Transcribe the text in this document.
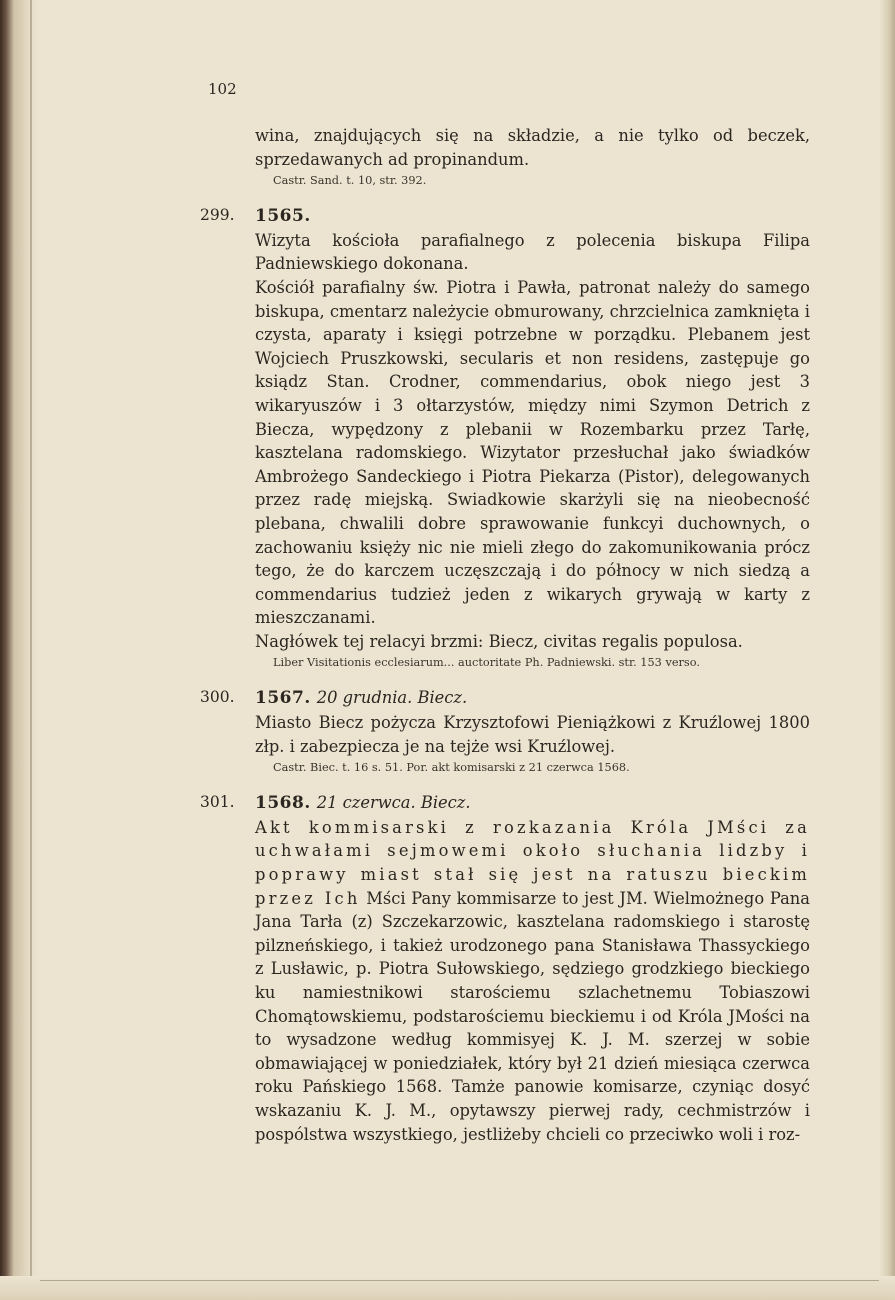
102

wina, znajdujących się na składzie, a nie tylko od beczek, sprzedawanych ad propinandum.

Castr. Sand. t. 10, str. 392.

299. 1565.

Wizyta kościoła parafialnego z polecenia biskupa Filipa Padniewskiego dokonana.

Kościół parafialny św. Piotra i Pawła, patronat należy do samego biskupa, cmentarz należycie obmurowany, chrzcielnica zamknięta i czysta, aparaty i księgi potrzebne w porządku. Plebanem jest Wojciech Pruszkowski, secularis et non residens, zastępuje go ksiądz Stan. Crodner, commendarius, obok niego jest 3 wikaryuszów i 3 ołtarzystów, między nimi Szymon Detrich z Biecza, wypędzony z plebanii w Rozembarku przez Tarłę, kasztelana radomskiego. Wizytator przesłuchał jako świadków Ambrożego Sandeckiego i Piotra Piekarza (Pistor), delegowanych przez radę miejską. Swiadkowie skarżyli się na nieobecność plebana, chwalili dobre sprawowanie funkcyi duchownych, o zachowaniu księży nic nie mieli złego do zakomunikowania prócz tego, że do karczem uczęszczają i do północy w nich siedzą a commendarius tudzież jeden z wikarych grywają w karty z mieszczanami.

Nagłówek tej relacyi brzmi: Biecz, civitas regalis populosa.

Liber Visitationis ecclesiarum... auctoritate Ph. Padniewski. str. 153 verso.

300. 1567. 20 grudnia. Biecz.

Miasto Biecz pożycza Krzysztofowi Pieniążkowi z Kruźlowej 1800 złp. i zabezpiecza je na tejże wsi Kruźlowej.

Castr. Biec. t. 16 s. 51. Por. akt komisarski z 21 czerwca 1568.

301. 1568. 21 czerwca. Biecz.

Akt kommisarski z rozkazania Króla JMści za uchwałami sejmowemi około słuchania lidzby i poprawy miast stał się jest na ratuszu bieckim przez Ich Mści Pany kommisarze to jest JM. Wielmożnego Pana Jana Tarła (z) Szczekarzowic, kasztelana radomskiego i starostę pilzneńskiego, i takież urodzonego pana Stanisława Thassyckiego z Lusławic, p. Piotra Sułowskiego, sędziego grodzkiego bieckiego ku namiestnikowi starościemu szlachetnemu Tobiaszowi Chomątowskiemu, podstarościemu bieckiemu i od Króla JMości na to wysadzone według kommisyej K. J. M. szerzej w sobie obmawiającej w poniedziałek, który był 21 dzień miesiąca czerwca roku Pańskiego 1568. Tamże panowie komisarze, czyniąc dosyć wskazaniu K. J. M., opytawszy pierwej rady, cechmistrzów i pospólstwa wszystkiego, jestliżeby chcieli co przeciwko woli i roz-
